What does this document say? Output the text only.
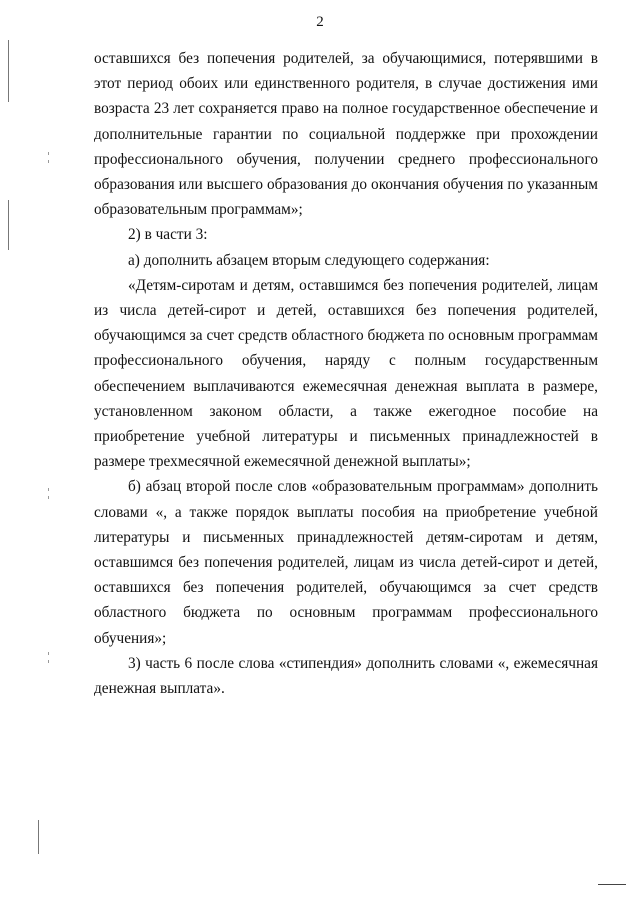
2

оставшихся без попечения родителей, за обучающимися, потерявшими в этот период обоих или единственного родителя, в случае достижения ими возраста 23 лет сохраняется право на полное государственное обеспечение и дополнительные гарантии по социальной поддержке при прохождении профессионального обучения, получении среднего профессионального образования или высшего образования до окончания обучения по указанным образовательным программам»;

2) в части 3:

а) дополнить абзацем вторым следующего содержания:

«Детям-сиротам и детям, оставшимся без попечения родителей, лицам из числа детей-сирот и детей, оставшихся без попечения родителей, обучающимся за счет средств областного бюджета по основным программам профессионального обучения, наряду с полным государственным обеспечением выплачиваются ежемесячная денежная выплата в размере, установленном законом области, а также ежегодное пособие на приобретение учебной литературы и письменных принадлежностей в размере трехмесячной ежемесячной денежной выплаты»;

б) абзац второй после слов «образовательным программам» дополнить словами «, а также порядок выплаты пособия на приобретение учебной литературы и письменных принадлежностей детям-сиротам и детям, оставшимся без попечения родителей, лицам из числа детей-сирот и детей, оставшихся без попечения родителей, обучающимся за счет средств областного бюджета по основным программам профессионального обучения»;

3) часть 6 после слова «стипендия» дополнить словами «, ежемесячная денежная выплата».
